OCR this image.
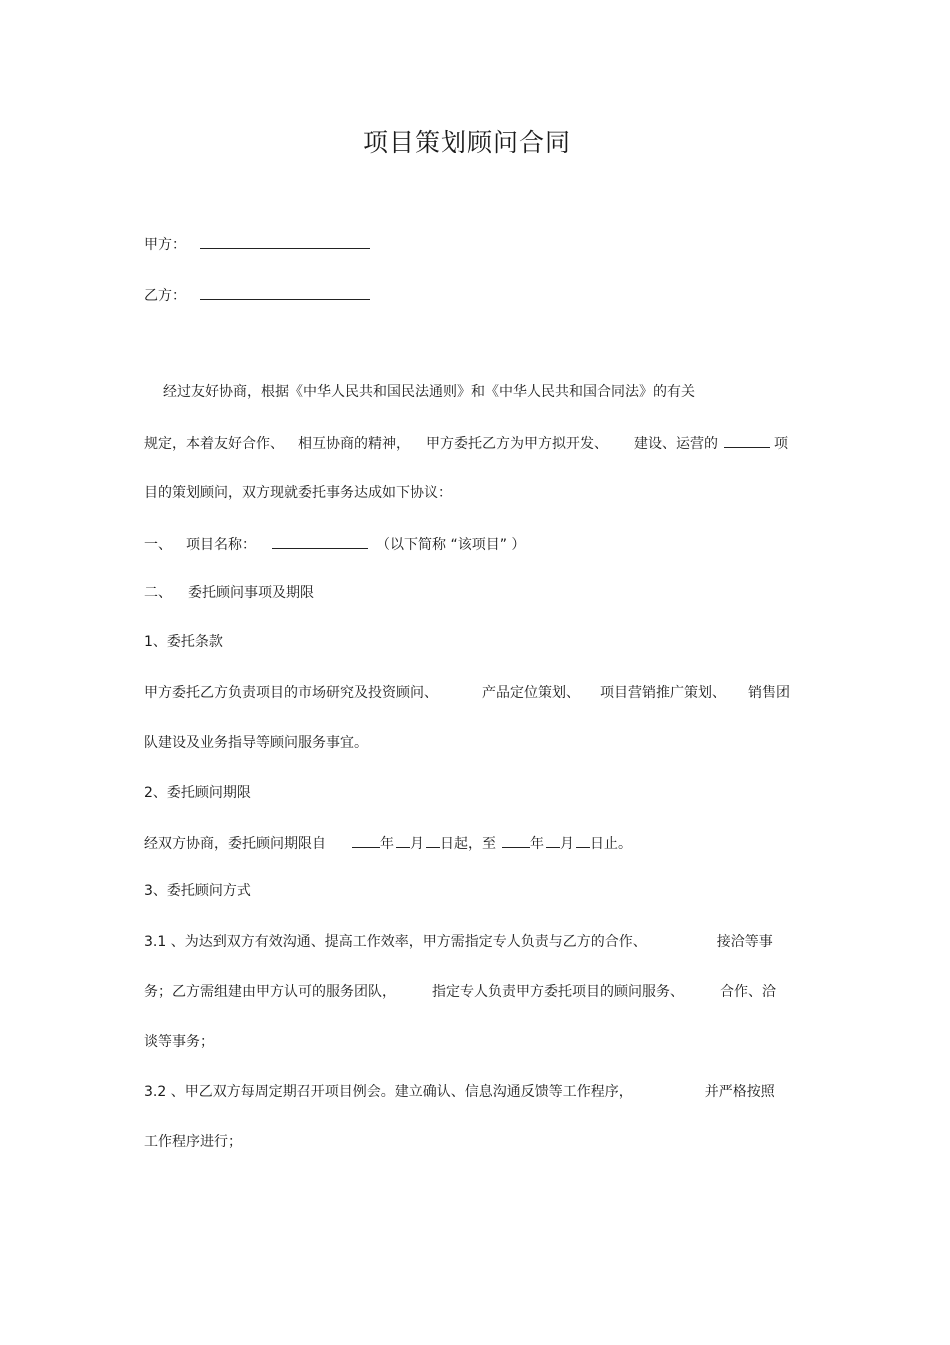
项目策划顾问合同
甲方：
乙方：
经过友好协商，根据《中华人民共和国民法通则》和《中华人民共和国合同法》的有关
规定，本着友好合作、 相互协商的精神， 甲方委托乙方为甲方拟开发、 建设、运营的	项
目的策划顾问，双方现就委托事务达成如下协议：
一、 项目名称：	（以下简称 “该项目” ）
二、 委托顾问事项及期限
1、委托条款
甲方委托乙方负责项目的市场研究及投资顾问、	产品定位策划、 项目营销推广策划、 销售团
队建设及业务指导等顾问服务事宜。
2、委托顾问期限
经双方协商，委托顾问期限自	年 月 日起，至 年 月 日止。
3、委托顾问方式
3.1 、为达到双方有效沟通、提高工作效率，甲方需指定专人负责与乙方的合作、	接洽等事
务；乙方需组建由甲方认可的服务团队，	指定专人负责甲方委托项目的顾问服务、	合作、洽
谈等事务；
3.2 、甲乙双方每周定期召开项目例会。建立确认、信息沟通反馈等工作程序，	并严格按照
工作程序进行；
